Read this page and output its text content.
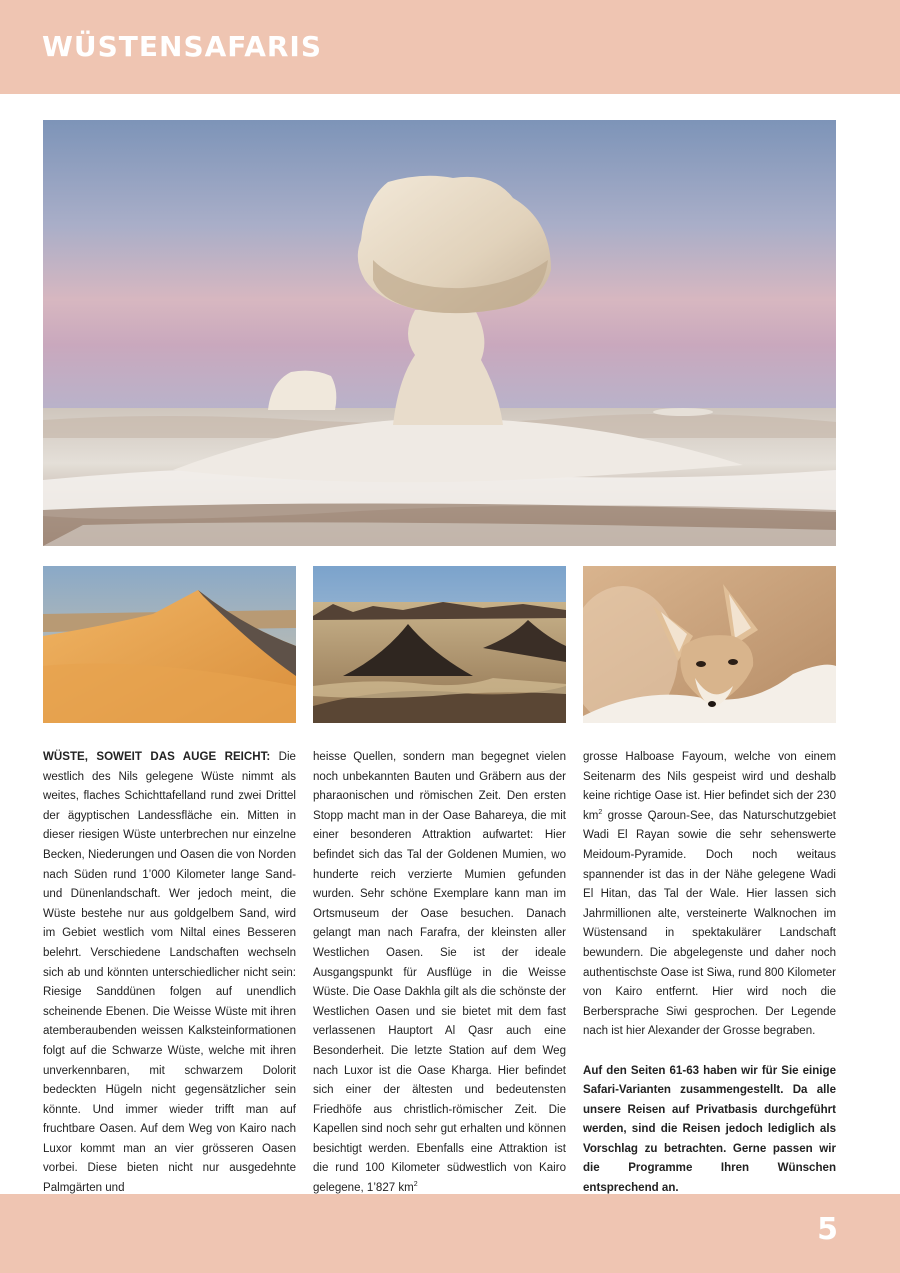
WÜSTENSAFARIS

WÜSTE, SOWEIT DAS AUGE REICHT: Die westlich des Nils gelegene Wüste nimmt als weites, flaches Schichttafelland rund zwei Drittel der ägyptischen Landessfläche ein. Mitten in dieser riesigen Wüste unterbrechen nur einzelne Becken, Niederungen und Oasen die von Norden nach Süden rund 1’000 Kilometer lange Sand- und Dünenlandschaft. Wer jedoch meint, die Wüste bestehe nur aus goldgelbem Sand, wird im Gebiet westlich vom Niltal eines Besseren belehrt. Verschiedene Landschaften wechseln sich ab und könnten unterschiedlicher nicht sein: Riesige Sanddünen folgen auf unendlich scheinende Ebenen. Die Weisse Wüste mit ihren atemberaubenden weissen Kalksteinformationen folgt auf die Schwarze Wüste, welche mit ihren unverkennbaren, mit schwarzem Dolorit bedeckten Hügeln nicht gegensätzlicher sein könnte. Und immer wieder trifft man auf fruchtbare Oasen. Auf dem Weg von Kairo nach Luxor kommt man an vier grösseren Oasen vorbei. Diese bieten nicht nur ausgedehnte Palmgärten und

heisse Quellen, sondern man begegnet vielen noch unbekannten Bauten und Gräbern aus der pharaonischen und römischen Zeit. Den ersten Stopp macht man in der Oase Bahareya, die mit einer besonderen Attraktion aufwartet: Hier befindet sich das Tal der Goldenen Mumien, wo hunderte reich verzierte Mumien gefunden wurden. Sehr schöne Exemplare kann man im Ortsmuseum der Oase besuchen. Danach gelangt man nach Farafra, der kleinsten aller Westlichen Oasen. Sie ist der ideale Ausgangspunkt für Ausflüge in die Weisse Wüste. Die Oase Dakhla gilt als die schönste der Westlichen Oasen und sie bietet mit dem fast verlassenen Hauptort Al Qasr auch eine Besonderheit. Die letzte Station auf dem Weg nach Luxor ist die Oase Kharga. Hier befindet sich einer der ältesten und bedeutensten Friedhöfe aus christlich-römischer Zeit. Die Kapellen sind noch sehr gut erhalten und können besichtigt werden. Ebenfalls eine Attraktion ist die rund 100 Kilometer südwestlich von Kairo gelegene, 1’827 $km^2$

grosse Halboase Fayoum, welche von einem Seitenarm des Nils gespeist wird und deshalb keine richtige Oase ist. Hier befindet sich der 230 $km^2$ grosse Qaroun-See, das Naturschutzgebiet Wadi El Rayan sowie die sehr sehenswerte Meidoum-Pyramide. Doch noch weitaus spannender ist das in der Nähe gelegene Wadi El Hitan, das Tal der Wale. Hier lassen sich Jahrmillionen alte, versteinerte Walknochen im Wüstensand in spektakulärer Landschaft bewundern. Die abgelegenste und daher noch authentischste Oase ist Siwa, rund 800 Kilometer von Kairo entfernt. Hier wird noch die Berbersprache Siwi gesprochen. Der Legende nach ist hier Alexander der Grosse begraben.

Auf den Seiten 61-63 haben wir für Sie einige Safari-Varianten zusammengestellt. Da alle unsere Reisen auf Privatbasis durchgeführt werden, sind die Reisen jedoch lediglich als Vorschlag zu betrachten. Gerne passen wir die Programme Ihren Wünschen entsprechend an.

5
